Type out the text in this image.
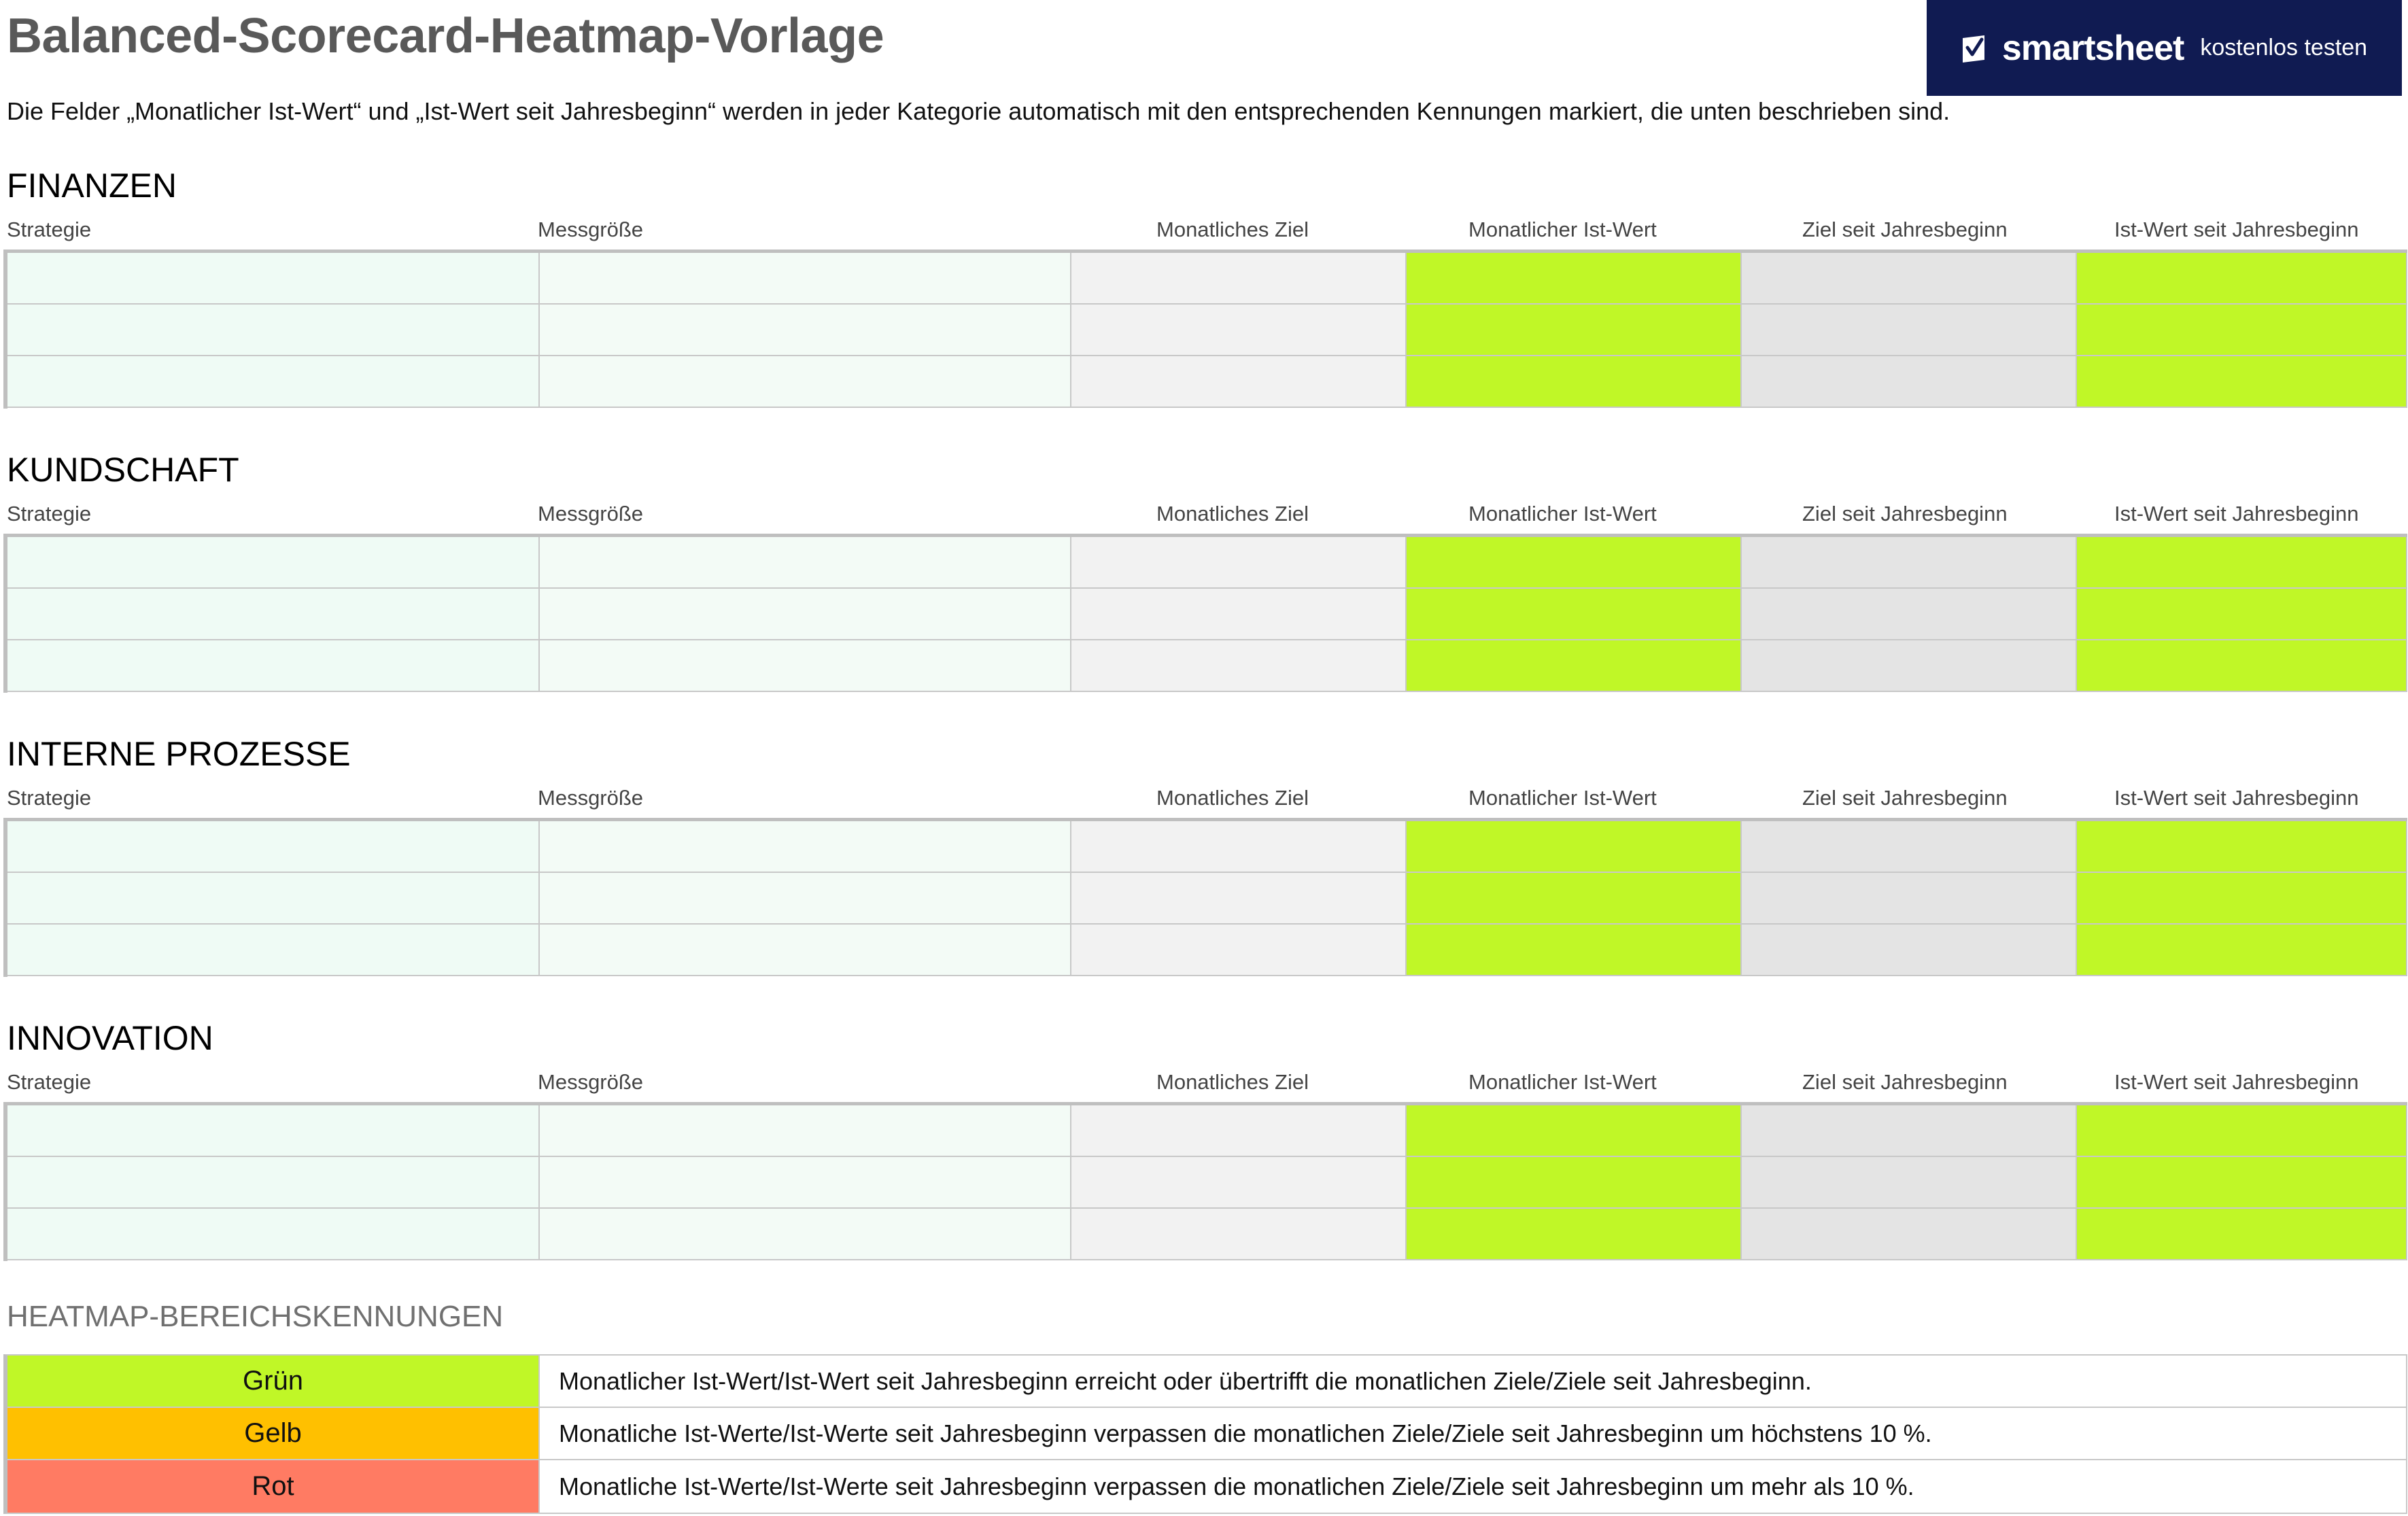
Balanced-Scorecard-Heatmap-Vorlage	smartsheet kostenlos testen
Die Felder „Monatlicher Ist-Wert“ und „Ist-Wert seit Jahresbeginn“ werden in jeder Kategorie automatisch mit den entsprechenden Kennungen markiert, die unten beschrieben sind.
FINANZEN
Strategie	Messgröße	Monatliches Ziel	Monatlicher Ist-Wert	Ziel seit Jahresbeginn	Ist-Wert seit Jahresbeginn
KUNDSCHAFT
Strategie	Messgröße	Monatliches Ziel	Monatlicher Ist-Wert	Ziel seit Jahresbeginn	Ist-Wert seit Jahresbeginn
INTERNE PROZESSE
Strategie	Messgröße	Monatliches Ziel	Monatlicher Ist-Wert	Ziel seit Jahresbeginn	Ist-Wert seit Jahresbeginn
INNOVATION
Strategie	Messgröße	Monatliches Ziel	Monatlicher Ist-Wert	Ziel seit Jahresbeginn	Ist-Wert seit Jahresbeginn
HEATMAP-BEREICHSKENNUNGEN
Grün	Monatlicher Ist-Wert/Ist-Wert seit Jahresbeginn erreicht oder übertrifft die monatlichen Ziele/Ziele seit Jahresbeginn.
Gelb	Monatliche Ist-Werte/Ist-Werte seit Jahresbeginn verpassen die monatlichen Ziele/Ziele seit Jahresbeginn um höchstens 10 %.
Rot	Monatliche Ist-Werte/Ist-Werte seit Jahresbeginn verpassen die monatlichen Ziele/Ziele seit Jahresbeginn um mehr als 10 %.
